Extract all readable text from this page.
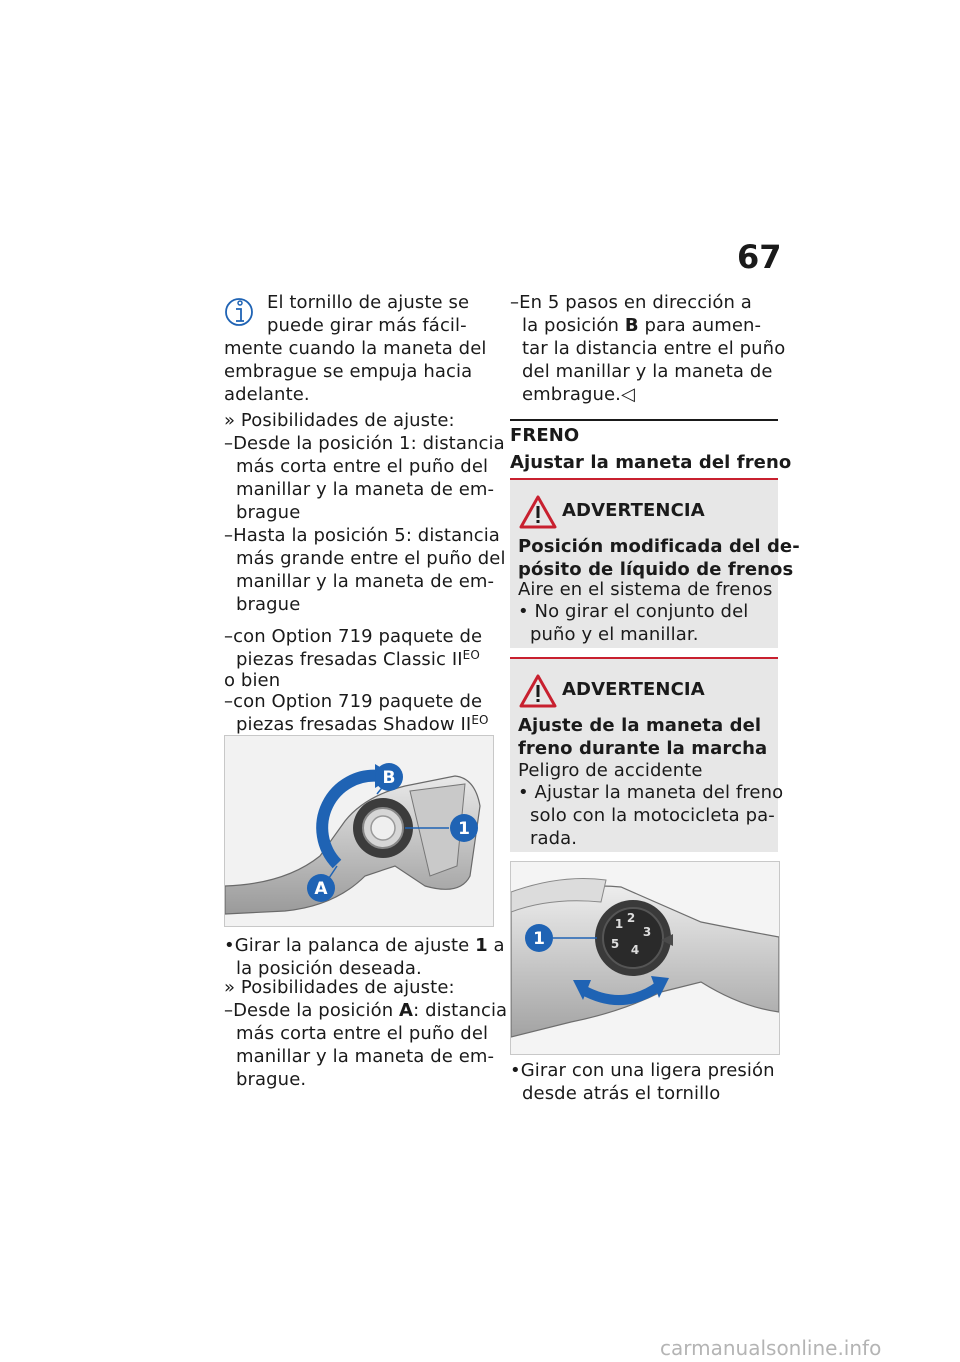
67
El tornillo de ajuste se
puede girar más fácil-
mente cuando la maneta del
embrague se empuja hacia
adelante.
» Posibilidades de ajuste:
–Desde la posición 1: distancia
más corta entre el puño del
manillar y la maneta de em-
brague
–Hasta la posición 5: distancia
más grande entre el puño del
manillar y la maneta de em-
brague
–con Option 719 paquete de
piezas fresadas Classic $II^{EO}$
o bien
–con Option 719 paquete de
piezas fresadas Shadow $II^{EO}$
B
1
A
•Girar la palanca de ajuste 1 a
la posición deseada.
» Posibilidades de ajuste:
–Desde la posición A: distancia
más corta entre el puño del
manillar y la maneta de em-
brague.
–En 5 pasos en dirección a
la posición B para aumen-
tar la distancia entre el puño
del manillar y la maneta de
embrague.◁
FRENO
Ajustar la maneta del freno
ADVERTENCIA
Posición modificada del de-
pósito de líquido de frenos
Aire en el sistema de frenos
• No girar el conjunto del
puño y el manillar.
ADVERTENCIA
Ajuste de la maneta del
freno durante la marcha
Peligro de accidente
• Ajustar la maneta del freno
solo con la motocicleta pa-
rada.
2
1
3
4
5
1
•Girar con una ligera presión
desde atrás el tornillo
carmanualsonline.info
